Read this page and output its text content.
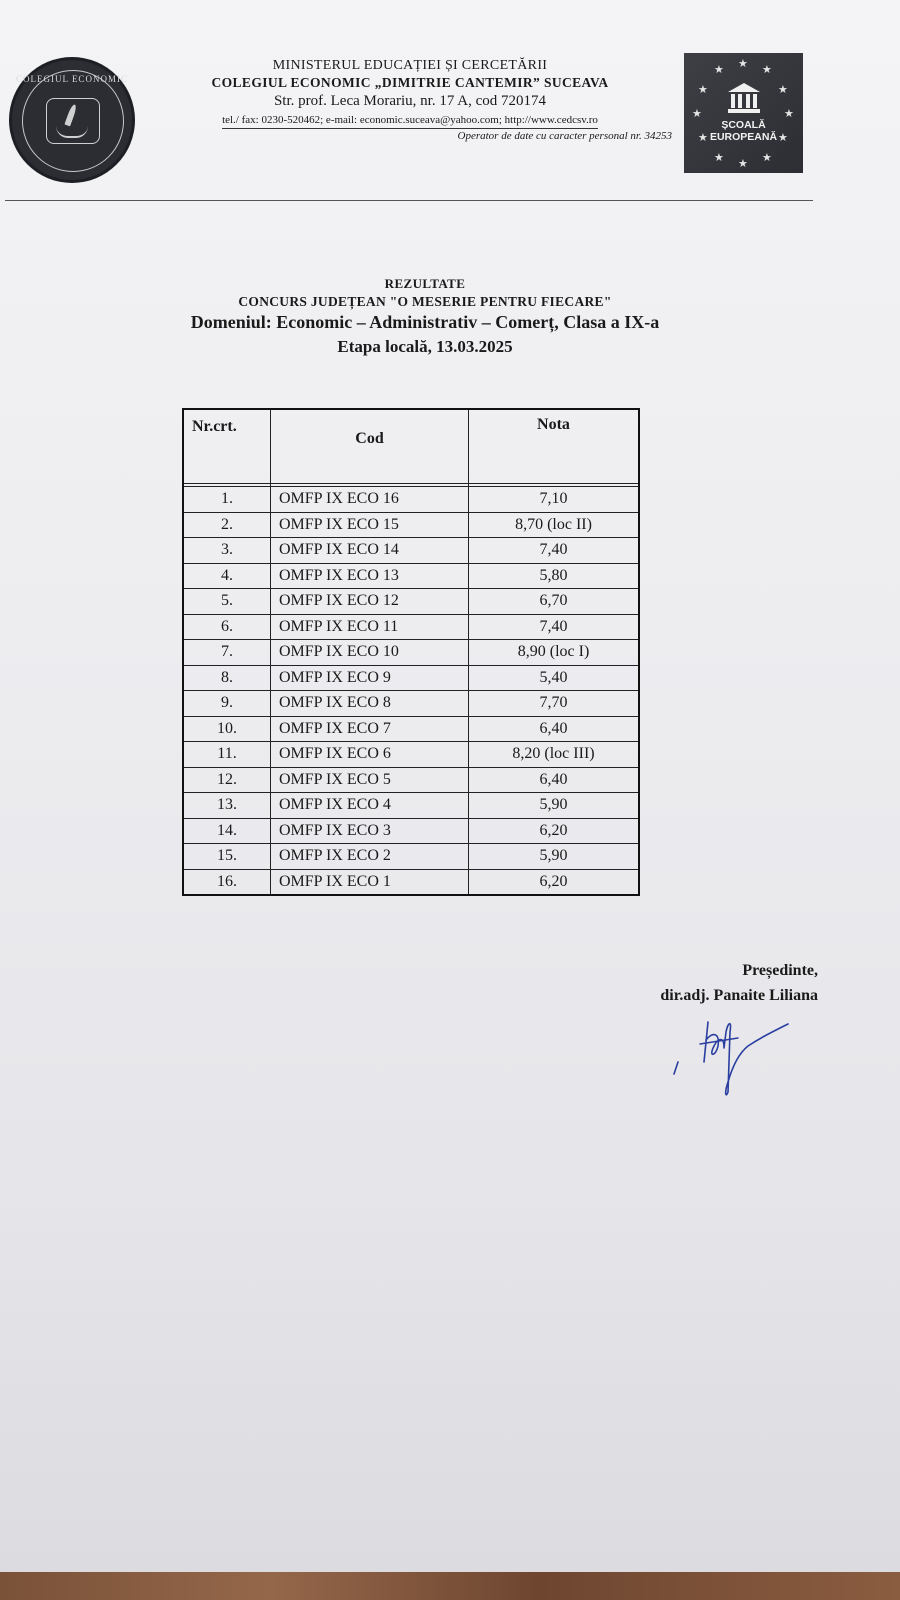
COLEGIUL ECONOMIC
MINISTERUL EDUCAȚIEI ȘI CERCETĂRII
COLEGIUL ECONOMIC „DIMITRIE CANTEMIR” SUCEAVA
Str. prof. Leca Morariu, nr. 17 A, cod 720174
tel./ fax: 0230-520462; e-mail: economic.suceava@yahoo.com; http://www.cedcsv.ro
Operator de date cu caracter personal nr. 34253
★
★	★
★	★
★	★
★	★
★ ★ ★
ȘCOALĂ
EUROPEANĂ
REZULTATE
CONCURS JUDEȚEAN "O MESERIE PENTRU FIECARE"
Domeniul: Economic – Administrativ – Comerț, Clasa a IX-a
Etapa locală, 13.03.2025
Nr.crt.	Cod	Nota

1.	OMFP IX ECO 16	7,10
2.	OMFP IX ECO 15	8,70 (loc II)
3.	OMFP IX ECO 14	7,40
4.	OMFP IX ECO 13	5,80
5.	OMFP IX ECO 12	6,70
6.	OMFP IX ECO 11	7,40
7.	OMFP IX ECO 10	8,90 (loc I)
8.	OMFP IX ECO 9	5,40
9.	OMFP IX ECO 8	7,70
10.	OMFP IX ECO 7	6,40
11.	OMFP IX ECO 6	8,20 (loc III)
12.	OMFP IX ECO 5	6,40
13.	OMFP IX ECO 4	5,90
14.	OMFP IX ECO 3	6,20
15.	OMFP IX ECO 2	5,90
16.	OMFP IX ECO 1	6,20
Președinte,
dir.adj. Panaite Liliana
